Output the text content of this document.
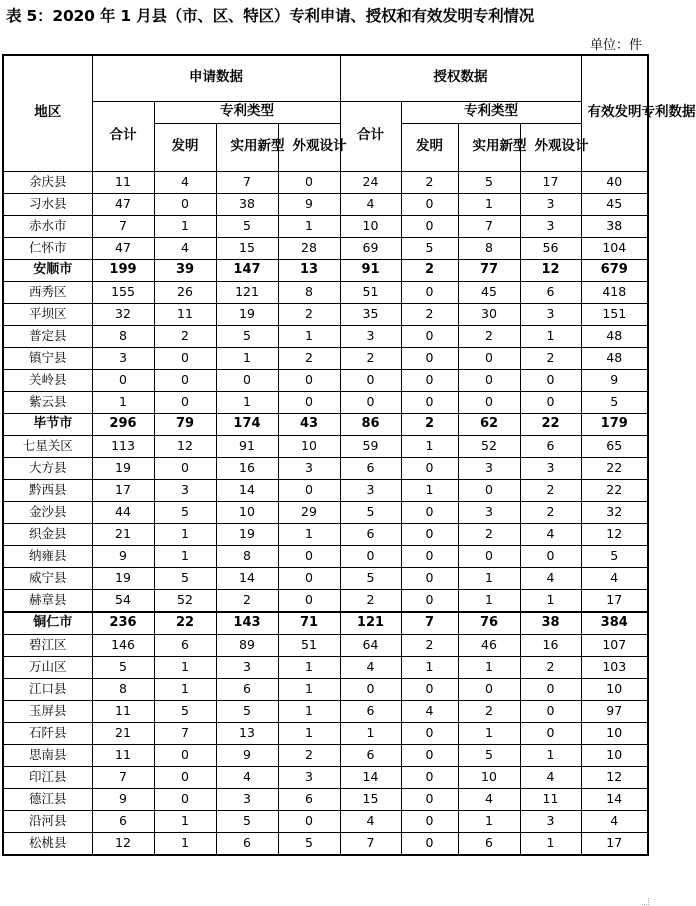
表 5：2020 年 1 月县（市、区、特区）专利申请、授权和有效发明专利情况
单位：件
地区	申请数据				授权数据				有效发明专利数据
	合计	专利类型			合计	专利类型			
		发明	实用新型	外观设计		发明	实用新型	外观设计	
余庆县	11	4	7	0	24	2	5	17	40
习水县	47	0	38	9	4	0	1	3	45
赤水市	7	1	5	1	10	0	7	3	38
仁怀市	47	4	15	28	69	5	8	56	104
安顺市	199	39	147	13	91	2	77	12	679
西秀区	155	26	121	8	51	0	45	6	418
平坝区	32	11	19	2	35	2	30	3	151
普定县	8	2	5	1	3	0	2	1	48
镇宁县	3	0	1	2	2	0	0	2	48
关岭县	0	0	0	0	0	0	0	0	9
紫云县	1	0	1	0	0	0	0	0	5
毕节市	296	79	174	43	86	2	62	22	179
七星关区	113	12	91	10	59	1	52	6	65
大方县	19	0	16	3	6	0	3	3	22
黔西县	17	3	14	0	3	1	0	2	22
金沙县	44	5	10	29	5	0	3	2	32
织金县	21	1	19	1	6	0	2	4	12
纳雍县	9	1	8	0	0	0	0	0	5
威宁县	19	5	14	0	5	0	1	4	4
赫章县	54	52	2	0	2	0	1	1	17
铜仁市	236	22	143	71	121	7	76	38	384
碧江区	146	6	89	51	64	2	46	16	107
万山区	5	1	3	1	4	1	1	2	103
江口县	8	1	6	1	0	0	0	0	10
玉屏县	11	5	5	1	6	4	2	0	97
石阡县	21	7	13	1	1	0	1	0	10
思南县	11	0	9	2	6	0	5	1	10
印江县	7	0	4	3	14	0	10	4	12
德江县	9	0	3	6	15	0	4	11	14
沿河县	6	1	5	0	4	0	1	3	4
松桃县	12	1	6	5	7	0	6	1	17
